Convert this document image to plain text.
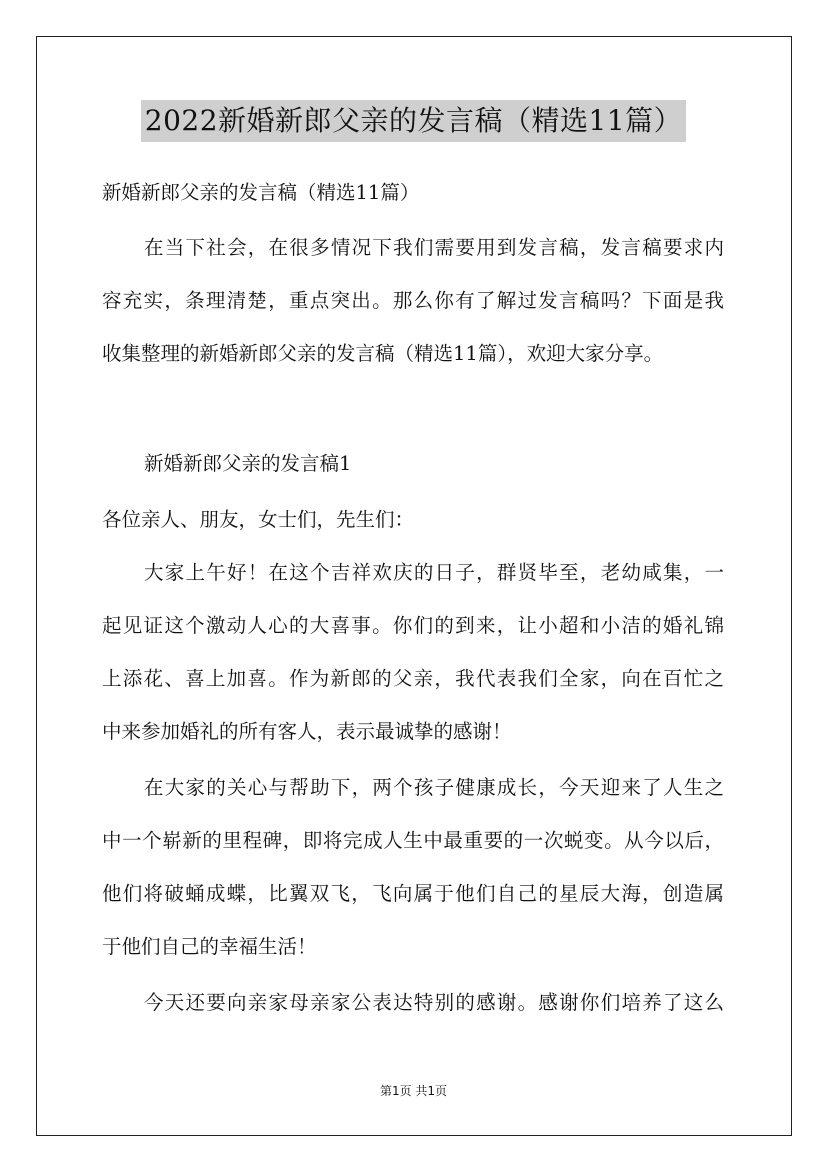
2022新婚新郎父亲的发言稿（精选11篇）
新婚新郎父亲的发言稿（精选11篇）
在当下社会，在很多情况下我们需要用到发言稿，发言稿要求内
容充实，条理清楚，重点突出。那么你有了解过发言稿吗？下面是我
收集整理的新婚新郎父亲的发言稿（精选11篇），欢迎大家分享。
新婚新郎父亲的发言稿1
各位亲人、朋友，女士们，先生们：
大家上午好！在这个吉祥欢庆的日子，群贤毕至，老幼咸集，一
起见证这个激动人心的大喜事。你们的到来，让小超和小洁的婚礼锦
上添花、喜上加喜。作为新郎的父亲，我代表我们全家，向在百忙之
中来参加婚礼的所有客人，表示最诚挚的感谢！
在大家的关心与帮助下，两个孩子健康成长，今天迎来了人生之
中一个崭新的里程碑，即将完成人生中最重要的一次蜕变。从今以后，
他们将破蛹成蝶，比翼双飞，飞向属于他们自己的星辰大海，创造属
于他们自己的幸福生活！
今天还要向亲家母亲家公表达特别的感谢。感谢你们培养了这么
第1页 共1页
